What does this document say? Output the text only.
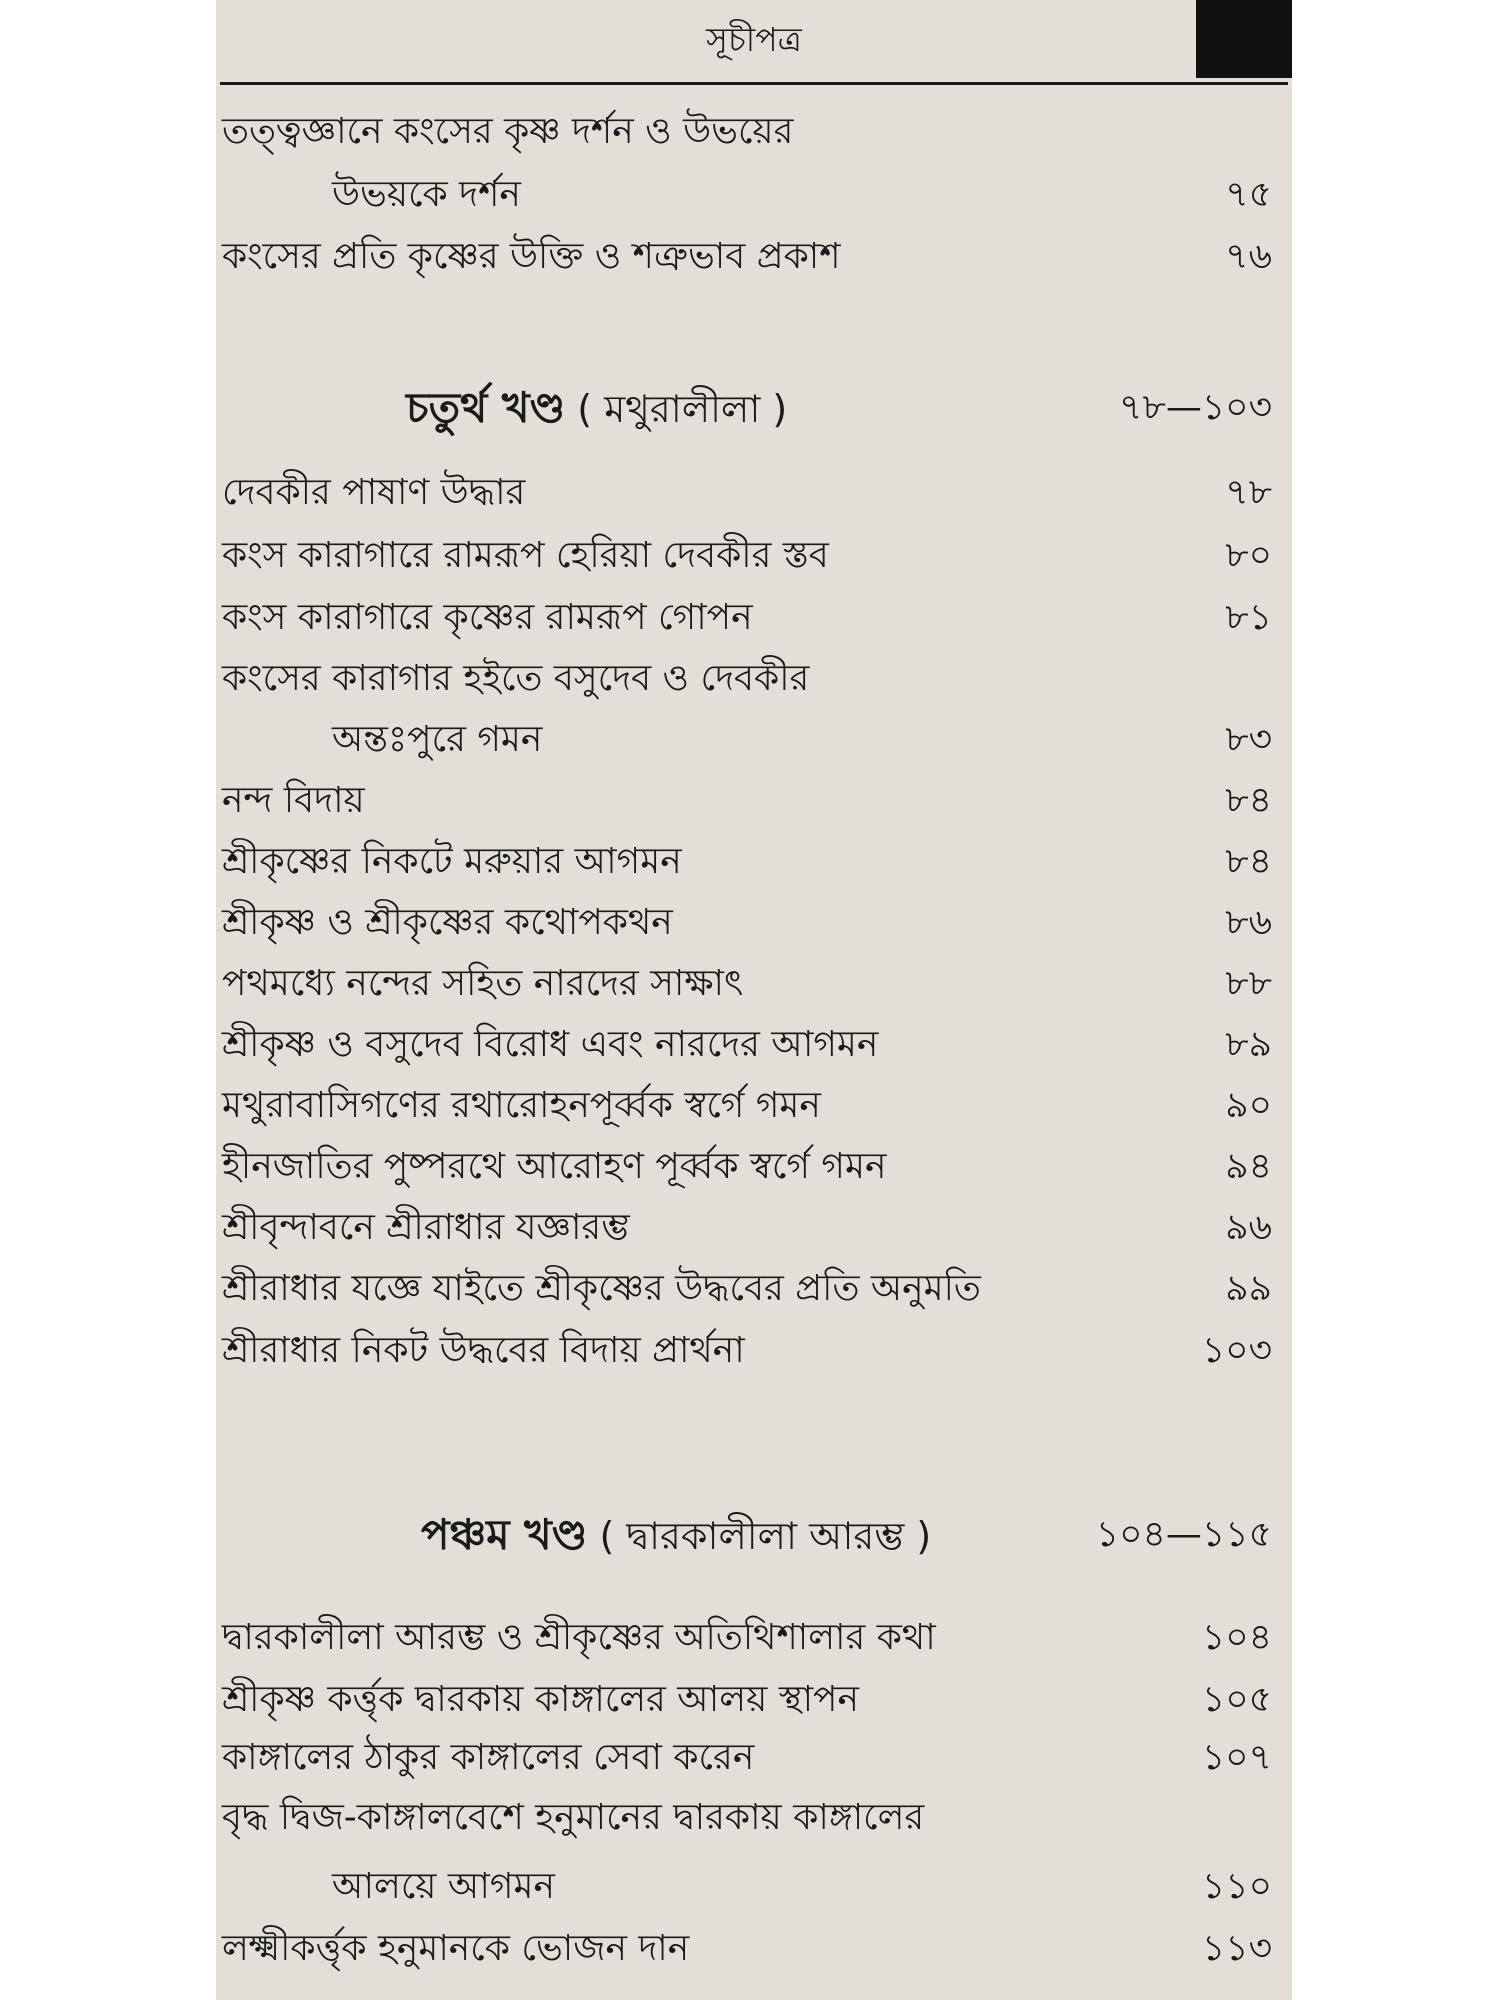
সূচীপত্র
তত্ত্বজ্ঞানে কংসের কৃষ্ণ দর্শন ও উভয়ের
উভয়কে দর্শন	৭৫
কংসের প্রতি কৃষ্ণের উক্তি ও শত্রুভাব প্রকাশ	৭৬
চতুর্থ খণ্ড ( মথুরালীলা )	৭৮—১০৩
দেবকীর পাষাণ উদ্ধার	৭৮
কংস কারাগারে রামরূপ হেরিয়া দেবকীর স্তব	৮০
কংস কারাগারে কৃষ্ণের রামরূপ গোপন	৮১
কংসের কারাগার হইতে বসুদেব ও দেবকীর
অন্তঃপুরে গমন	৮৩
নন্দ বিদায়	৮৪
শ্রীকৃষ্ণের নিকটে মরুয়ার আগমন	৮৪
শ্রীকৃষ্ণ ও শ্রীকৃষ্ণের কথোপকথন	৮৬
পথমধ্যে নন্দের সহিত নারদের সাক্ষাৎ	৮৮
শ্রীকৃষ্ণ ও বসুদেব বিরোধ এবং নারদের আগমন	৮৯
মথুরাবাসিগণের রথারোহনপূর্ব্বক স্বর্গে গমন	৯০
হীনজাতির পুষ্পরথে আরোহণ পূর্ব্বক স্বর্গে গমন	৯৪
শ্রীবৃন্দাবনে শ্রীরাধার যজ্ঞারম্ভ	৯৬
শ্রীরাধার যজ্ঞে যাইতে শ্রীকৃষ্ণের উদ্ধবের প্রতি অনুমতি	৯৯
শ্রীরাধার নিকট উদ্ধবের বিদায় প্রার্থনা	১০৩
পঞ্চম খণ্ড ( দ্বারকালীলা আরম্ভ )	১০৪—১১৫
দ্বারকালীলা আরম্ভ ও শ্রীকৃষ্ণের অতিথিশালার কথা	১০৪
শ্রীকৃষ্ণ কর্ত্তৃক দ্বারকায় কাঙ্গালের আলয় স্থাপন	১০৫
কাঙ্গালের ঠাকুর কাঙ্গালের সেবা করেন	১০৭
বৃদ্ধ দ্বিজ-কাঙ্গালবেশে হনুমানের দ্বারকায় কাঙ্গালের
আলয়ে আগমন	১১০
লক্ষ্মীকর্ত্তৃক হনুমানকে ভোজন দান	১১৩
